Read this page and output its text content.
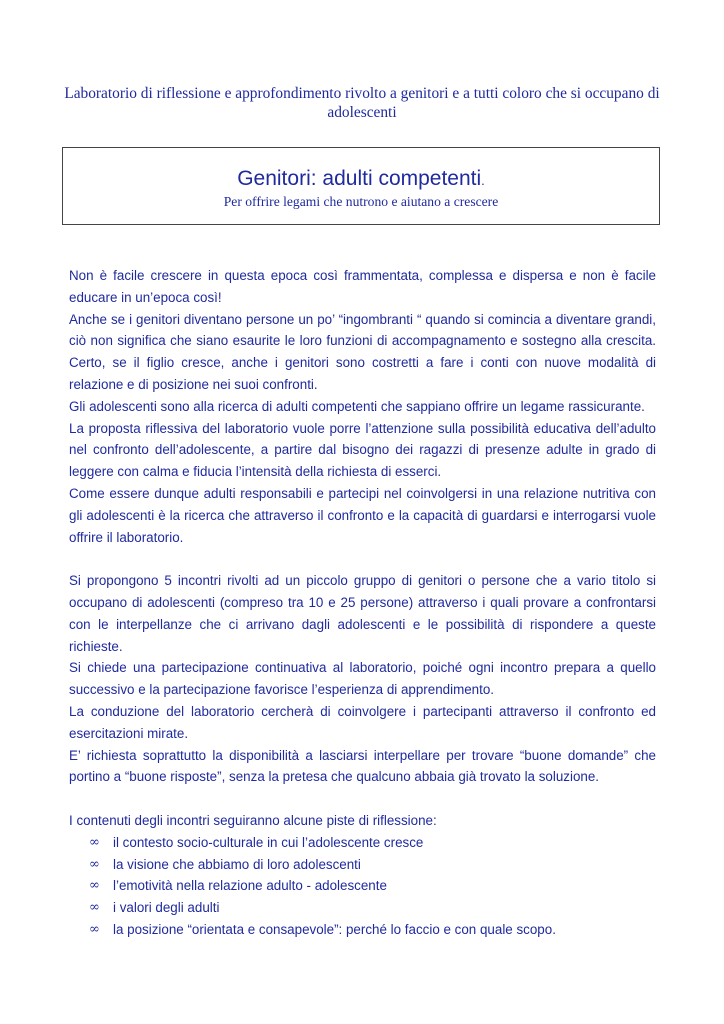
Laboratorio di riflessione e approfondimento rivolto a genitori e a tutti coloro che si occupano di adolescenti
Genitori: adulti competenti.
Per offrire legami che nutrono e aiutano a crescere

Non è facile crescere in questa epoca così frammentata, complessa e dispersa e non è facile educare in un’epoca così!

Anche se i genitori diventano persone un po’ “ingombranti “ quando si comincia a diventare grandi, ciò non significa che siano esaurite le loro funzioni di accompagnamento e sostegno alla crescita. Certo, se il figlio cresce, anche i genitori sono costretti a fare i conti con nuove modalità di relazione e di posizione nei suoi confronti.

Gli adolescenti sono alla ricerca di adulti competenti che sappiano offrire un legame rassicurante.

La proposta riflessiva del laboratorio vuole porre l’attenzione sulla possibilità educativa dell’adulto nel confronto dell’adolescente, a partire dal bisogno dei ragazzi di presenze adulte in grado di leggere con calma e fiducia l’intensità della richiesta di esserci.

Come essere dunque adulti responsabili e partecipi nel coinvolgersi in una relazione nutritiva con gli adolescenti è la ricerca che attraverso il confronto e la capacità di guardarsi e interrogarsi vuole offrire il laboratorio.

Si propongono 5 incontri rivolti ad un piccolo gruppo di genitori o persone che a vario titolo si occupano di adolescenti (compreso tra 10 e 25 persone) attraverso i quali provare a confrontarsi con le interpellanze che ci arrivano dagli adolescenti e le possibilità di rispondere a queste richieste.

Si chiede una partecipazione continuativa al laboratorio, poiché ogni incontro prepara a quello successivo e la partecipazione favorisce l’esperienza di apprendimento.

La conduzione del laboratorio cercherà di coinvolgere i partecipanti attraverso il confronto ed esercitazioni mirate.

E’ richiesta soprattutto la disponibilità a lasciarsi interpellare per trovare “buone domande” che portino a “buone risposte”, senza la pretesa che qualcuno abbaia già trovato la soluzione.

I contenuti degli incontri seguiranno alcune piste di riflessione:

∞ il contesto socio-culturale in cui l’adolescente cresce
∞ la visione che abbiamo di loro adolescenti
∞ l’emotività nella relazione adulto - adolescente
∞ i valori degli adulti
∞ la posizione “orientata e consapevole”: perché lo faccio e con quale scopo.
